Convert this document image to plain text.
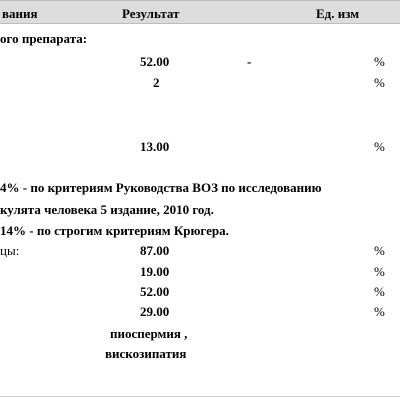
вания	Результат	Ед. изм
ого препарата:
52.00	-	%
2	%
13.00	%
4% - по критериям Руководства ВОЗ по исследованию
кулята человека 5 издание, 2010 год.
14% - по строгим критериям Крюгера.
цы:	87.00	%
19.00	%
52.00	%
29.00	%
пиоспермия ,
вискозипатия
